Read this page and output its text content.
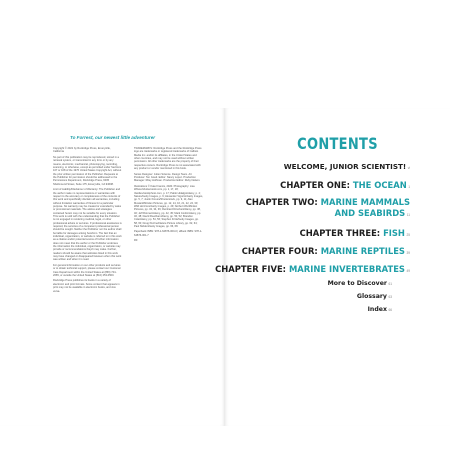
To Forrest, our newest little adventurer

Copyright © 2021 by Rockridge Press, Emeryville, California

No part of this publication may be reproduced, stored in a retrieval system, or transmitted in any form or by any means, electronic, mechanical, photocopying, recording, scanning, or otherwise, except as permitted under Sections 107 or 108 of the 1976 United States Copyright Act, without the prior written permission of the Publisher. Requests to the Publisher for permission should be addressed to the Permissions Department, Rockridge Press, 6005 Shellmound Street, Suite 175, Emeryville, CA 94608.

Limit of Liability/Disclaimer of Warranty: The Publisher and the author make no representations or warranties with respect to the accuracy or completeness of the contents of this work and specifically disclaim all warranties, including without limitation warranties of fitness for a particular purpose. No warranty may be created or extended by sales or promotional materials. The advice and strategies contained herein may not be suitable for every situation. This work is sold with the understanding that the Publisher is not engaged in rendering medical, legal, or other professional advice or services. If professional assistance is required, the services of a competent professional person should be sought. Neither the Publisher nor the author shall be liable for damages arising herefrom. The fact that an individual, organization, or website is referred to in this work as a citation and/or potential source of further information does not mean that the author or the Publisher endorses the information the individual, organization, or website may provide or recommendations they/it may make. Further, readers should be aware that websites listed in this work may have changed or disappeared between when this work was written and when it is read.

For general information on our other products and services or to obtain technical support, please contact our Customer Care Department within the United States at (866) 744-2665, or outside the United States at (510) 253-0500.

Rockridge Press publishes its books in a variety of electronic and print formats. Some content that appears in print may not be available in electronic books, and vice versa.

TRADEMARKS: Rockridge Press and the Rockridge Press logo are trademarks or registered trademarks of Callisto Media Inc. and/or its affiliates, in the United States and other countries, and may not be used without written permission. All other trademarks are the property of their respective owners. Rockridge Press is not associated with any product or vendor mentioned in this book.

Series Designer: Julien Science. Design Team. Art Producer: Ten Good. Editor: Nancy Lopez. Production Manager: Riley Hoffman. Production Editor: Ruby Nelson.

Illustrations © Kate Francis, 2020. Photography: Lisa Wilson/shutterstock.com, pp. ii, 17, 18; Vasiliev/stockphoto.com, p. 17; Pablo Hidalgo/Alamy, p. 4; Nature/Getty Images, p. 9; Alexander Vigorito/Getty Images, pp. 5, 7; Justin Kimura/Shutterstock, pp. 9, 11; Alex Mustard/Minden Pictures, pp. 12, 14, 16, 21, 22, 24, 30; Wild Horizons/Getty Images, p. 29; Norbert Wu/Minden Pictures, pp. 32, 34, 36; Reinhard Dirscherl/Alamy, pp. 38, 40; Jeff Rotman/Alamy, pp. 42, 45; Mark Conlin/Alamy, pp. 46, 48; David Fleetham/Alamy, pp. 50, 52; Brandon Cole/Alamy, pp. 54, 56; Stephen Frink/Getty Images, pp. 58, 60; Doug Perrine/Nature Picture Library, pp. 62, 64; Paul Nicklen/Getty Images, pp. 66, 68.

Paperback ISBN: 978-1-64876-000-0 | eBook ISBN: 978-1-64876-001-7

R0

CONTENTS
WELCOME, JUNIOR SCIENTIST! vi
CHAPTER ONE: THE OCEAN 1
CHAPTER TWO: MARINE MAMMALS
AND SEABIRDS 11
CHAPTER THREE: FISH 25
CHAPTER FOUR: MARINE REPTILES 39
CHAPTER FIVE: MARINE INVERTEBRATES 49
More to Discover 61
Glossary 63
Index 66
